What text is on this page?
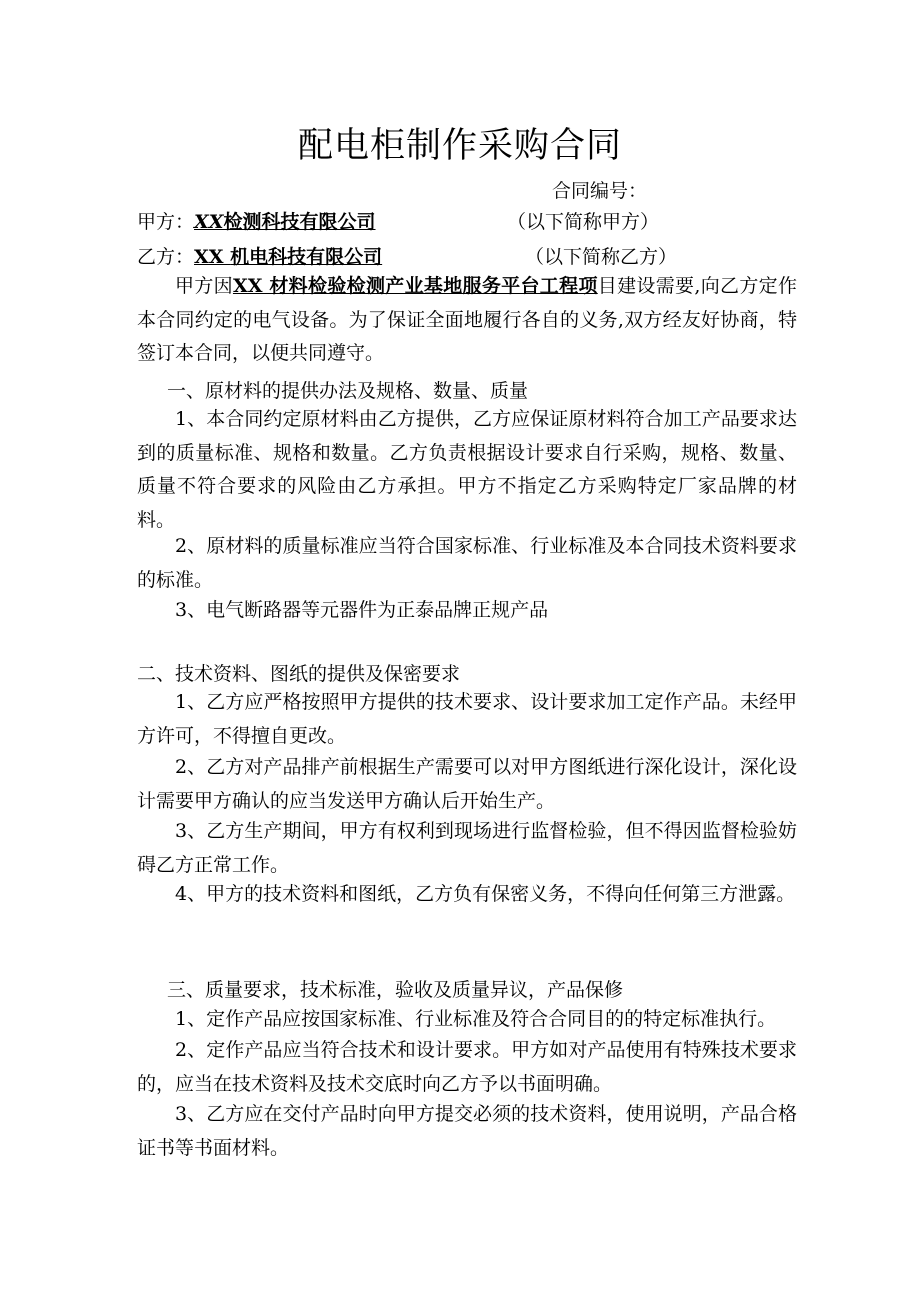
配电柜制作采购合同
合同编号：
甲方：XX检测科技有限公司	（以下简称甲方）
乙方：XX 机电科技有限公司	（以下简称乙方）
甲方因XX 材料检验检测产业基地服务平台工程项目建设需要,向乙方定作本合同约定的电气设备。为了保证全面地履行各自的义务,双方经友好协商，特签订本合同，以便共同遵守。
一、原材料的提供办法及规格、数量、质量
1、本合同约定原材料由乙方提供，乙方应保证原材料符合加工产品要求达到的质量标准、规格和数量。乙方负责根据设计要求自行采购，规格、数量、质量不符合要求的风险由乙方承担。甲方不指定乙方采购特定厂家品牌的材料。
2、原材料的质量标准应当符合国家标准、行业标准及本合同技术资料要求的标准。
3、电气断路器等元器件为正泰品牌正规产品
二、技术资料、图纸的提供及保密要求
1、乙方应严格按照甲方提供的技术要求、设计要求加工定作产品。未经甲方许可，不得擅自更改。
2、乙方对产品排产前根据生产需要可以对甲方图纸进行深化设计，深化设计需要甲方确认的应当发送甲方确认后开始生产。
3、乙方生产期间，甲方有权利到现场进行监督检验，但不得因监督检验妨碍乙方正常工作。
4、甲方的技术资料和图纸，乙方负有保密义务，不得向任何第三方泄露。
三、质量要求，技术标准，验收及质量异议，产品保修
1、定作产品应按国家标准、行业标准及符合合同目的的特定标准执行。
2、定作产品应当符合技术和设计要求。甲方如对产品使用有特殊技术要求的，应当在技术资料及技术交底时向乙方予以书面明确。
3、乙方应在交付产品时向甲方提交必须的技术资料，使用说明，产品合格证书等书面材料。
